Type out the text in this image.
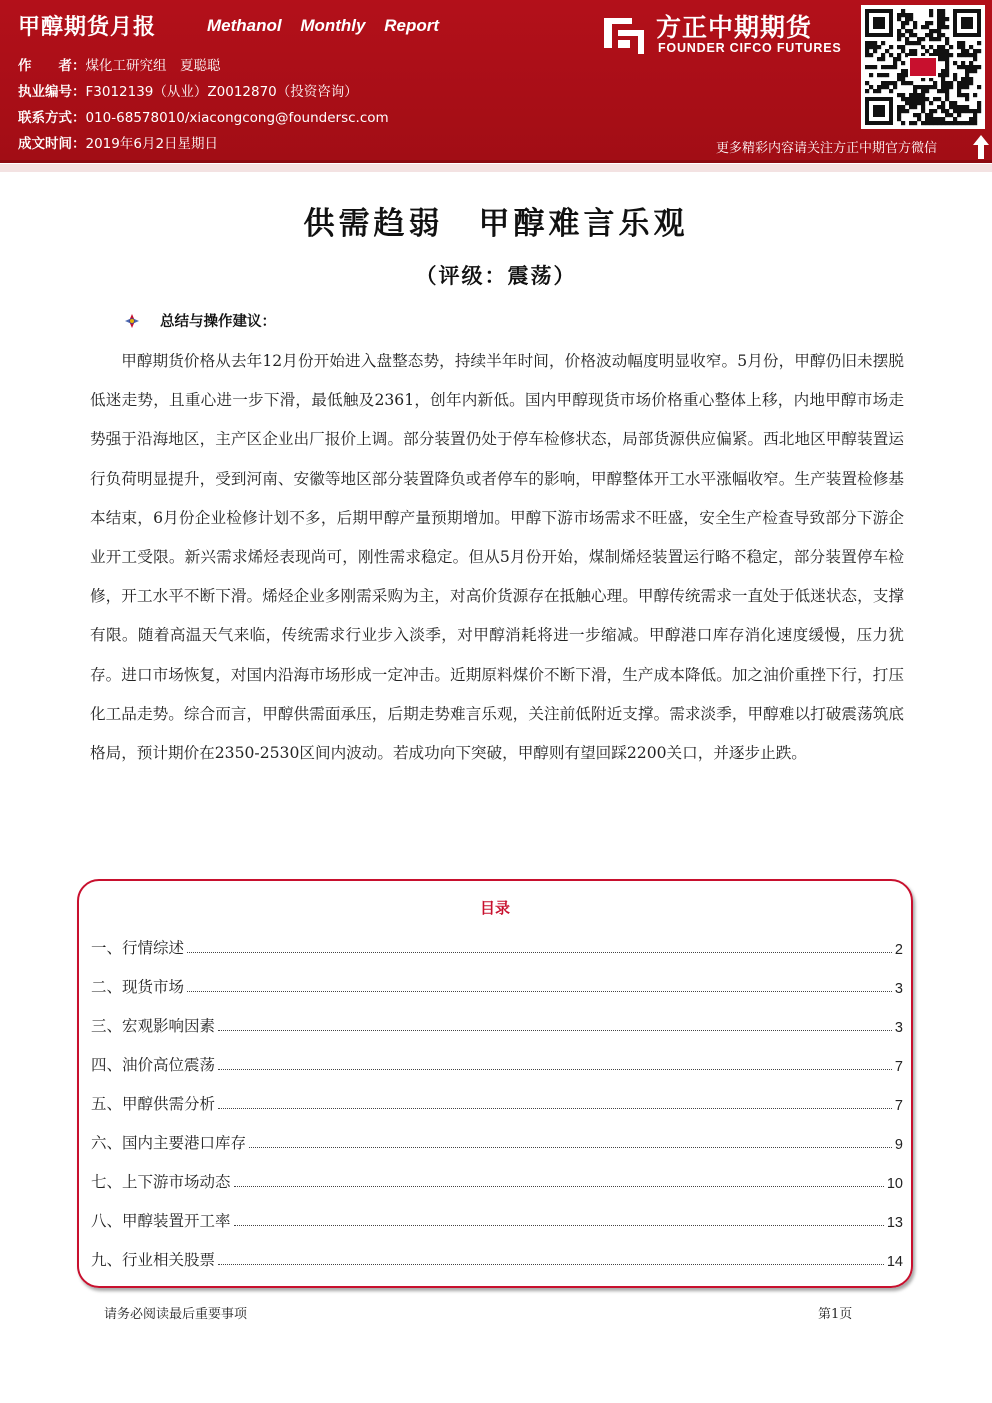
甲醇期货月报	Methanol Monthly Report
作　　者：煤化工研究组　夏聪聪
执业编号：F3012139（从业）Z0012870（投资咨询）
联系方式：010-68578010/xiacongcong@foundersc.com
成文时间：2019年6月2日星期日
方正中期期货
FOUNDER CIFCO FUTURES
更多精彩内容请关注方正中期官方微信
供需趋弱　甲醇难言乐观
（评级：震荡）
总结与操作建议：

甲醇期货价格从去年12月份开始进入盘整态势，持续半年时间，价格波动幅度明显收窄。5月份，甲醇仍旧未摆脱低迷走势，且重心进一步下滑，最低触及2361，创年内新低。国内甲醇现货市场价格重心整体上移，内地甲醇市场走势强于沿海地区，主产区企业出厂报价上调。部分装置仍处于停车检修状态，局部货源供应偏紧。西北地区甲醇装置运行负荷明显提升，受到河南、安徽等地区部分装置降负或者停车的影响，甲醇整体开工水平涨幅收窄。生产装置检修基本结束，6月份企业检修计划不多，后期甲醇产量预期增加。甲醇下游市场需求不旺盛，安全生产检查导致部分下游企业开工受限。新兴需求烯烃表现尚可，刚性需求稳定。但从5月份开始，煤制烯烃装置运行略不稳定，部分装置停车检修，开工水平不断下滑。烯烃企业多刚需采购为主，对高价货源存在抵触心理。甲醇传统需求一直处于低迷状态，支撑有限。随着高温天气来临，传统需求行业步入淡季，对甲醇消耗将进一步缩减。甲醇港口库存消化速度缓慢，压力犹存。进口市场恢复，对国内沿海市场形成一定冲击。近期原料煤价不断下滑，生产成本降低。加之油价重挫下行，打压化工品走势。综合而言，甲醇供需面承压，后期走势难言乐观，关注前低附近支撑。需求淡季，甲醇难以打破震荡筑底格局，预计期价在2350-2530区间内波动。若成功向下突破，甲醇则有望回踩2200关口，并逐步止跌。

目录
一、行情综述	2
二、现货市场	3
三、宏观影响因素	3
四、油价高位震荡	7
五、甲醇供需分析	7
六、国内主要港口库存	9
七、上下游市场动态	10
八、甲醇装置开工率	13
九、行业相关股票	14
请务必阅读最后重要事项	第1页
